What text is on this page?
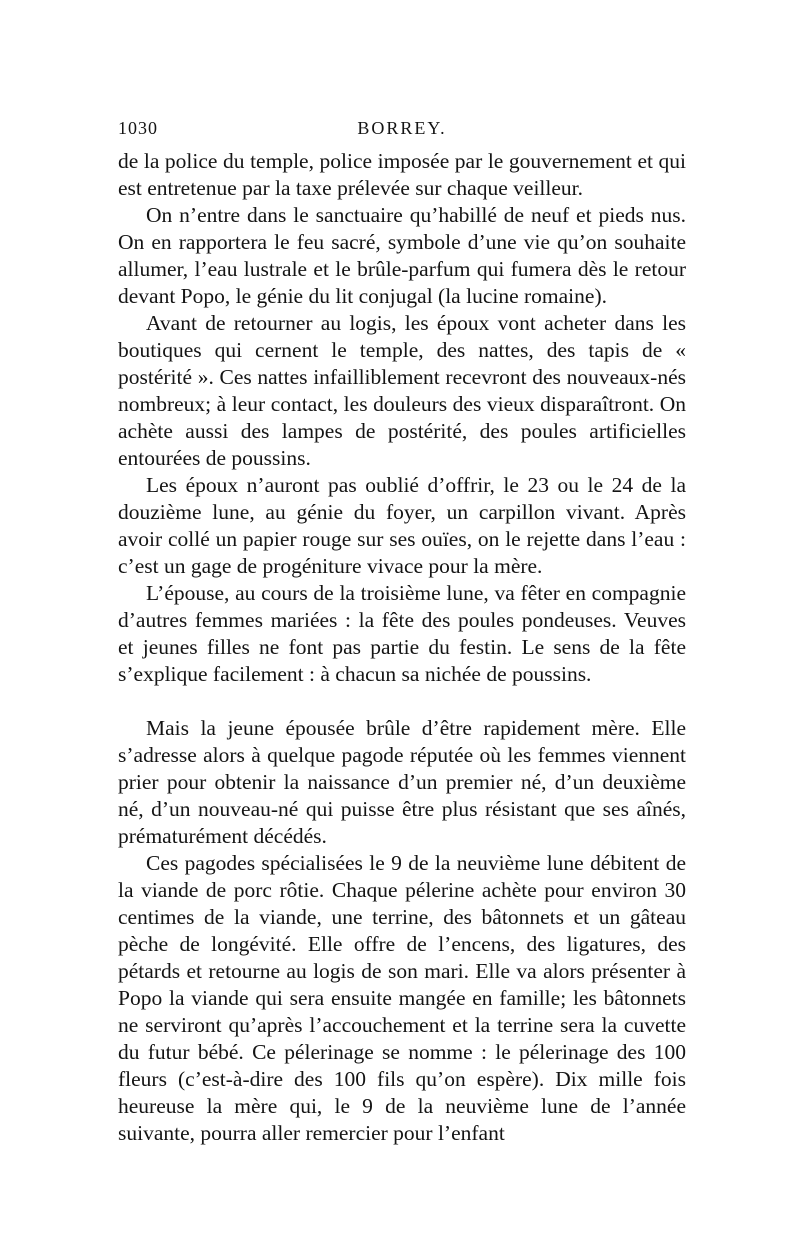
1030	BORREY.

de la police du temple, police imposée par le gouvernement et qui est entretenue par la taxe prélevée sur chaque veilleur.

On n’entre dans le sanctuaire qu’habillé de neuf et pieds nus. On en rapportera le feu sacré, symbole d’une vie qu’on souhaite allumer, l’eau lustrale et le brûle-parfum qui fumera dès le retour devant Popo, le génie du lit conjugal (la lucine romaine).

Avant de retourner au logis, les époux vont acheter dans les boutiques qui cernent le temple, des nattes, des tapis de « postérité ». Ces nattes infailliblement recevront des nouveaux-nés nombreux; à leur contact, les douleurs des vieux disparaîtront. On achète aussi des lampes de postérité, des poules artificielles entourées de poussins.

Les époux n’auront pas oublié d’offrir, le 23 ou le 24 de la douzième lune, au génie du foyer, un carpillon vivant. Après avoir collé un papier rouge sur ses ouïes, on le rejette dans l’eau : c’est un gage de progéniture vivace pour la mère.

L’épouse, au cours de la troisième lune, va fêter en compagnie d’autres femmes mariées : la fête des poules pondeuses. Veuves et jeunes filles ne font pas partie du festin. Le sens de la fête s’explique facilement : à chacun sa nichée de poussins.

Mais la jeune épousée brûle d’être rapidement mère. Elle s’adresse alors à quelque pagode réputée où les femmes viennent prier pour obtenir la naissance d’un premier né, d’un deuxième né, d’un nouveau-né qui puisse être plus résistant que ses aînés, prématurément décédés.

Ces pagodes spécialisées le 9 de la neuvième lune débitent de la viande de porc rôtie. Chaque pélerine achète pour environ 30 centimes de la viande, une terrine, des bâtonnets et un gâteau pèche de longévité. Elle offre de l’encens, des ligatures, des pétards et retourne au logis de son mari. Elle va alors présenter à Popo la viande qui sera ensuite mangée en famille; les bâtonnets ne serviront qu’après l’accouchement et la terrine sera la cuvette du futur bébé. Ce pélerinage se nomme : le pélerinage des 100 fleurs (c’est-à-dire des 100 fils qu’on espère). Dix mille fois heureuse la mère qui, le 9 de la neuvième lune de l’année suivante, pourra aller remercier pour l’enfant
